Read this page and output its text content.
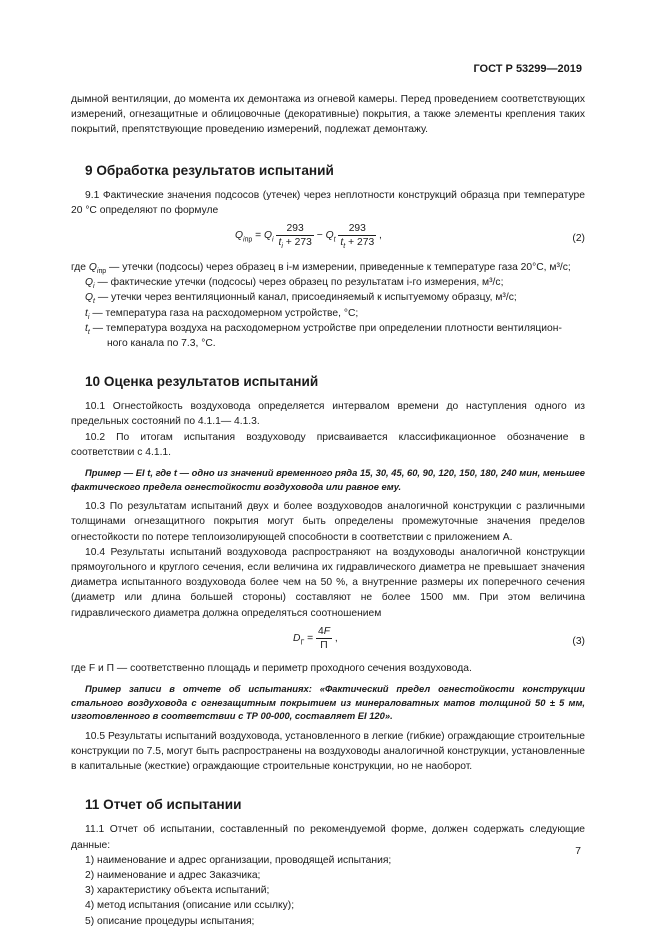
ГОСТ Р 53299—2019

дымной вентиляции, до момента их демонтажа из огневой камеры. Перед проведением соответствующих измерений, огнезащитные и облицовочные (декоративные) покрытия, а также элементы крепления таких покрытий, препятствующие проведению измерений, подлежат демонтажу.

9 Обработка результатов испытаний

9.1 Фактические значения подсосов (утечек) через неплотности конструкций образца при температуре 20 °С определяют по формуле

$Q_{iпр} = Q_i \frac{293}{t_i + 273} - Q_t \frac{293}{t_t + 273}$ ,	(2)
где $Q_{iпр}$ — утечки (подсосы) через образец в i-м измерении, приведенные к температуре газа 20°С, м³/с;
$Q_i$ — фактические утечки (подсосы) через образец по результатам i-го измерения, м³/с;
$Q_t$ — утечки через вентиляционный канал, присоединяемый к испытуемому образцу, м³/с;
$t_i$ — температура газа на расходомерном устройстве, °С;
$t_t$ — температура воздуха на расходомерном устройстве при определении плотности вентиляцион-
ного канала по 7.3, °С.
10 Оценка результатов испытаний

10.1 Огнестойкость воздуховода определяется интервалом времени до наступления одного из предельных состояний по 4.1.1— 4.1.3.

10.2 По итогам испытания воздуховоду присваивается классификационное обозначение в соответствии с 4.1.1.

Пример — EI t, где t — одно из значений временного ряда 15, 30, 45, 60, 90, 120, 150, 180, 240 мин, меньшее фактического предела огнестойкости воздуховода или равное ему.

10.3 По результатам испытаний двух и более воздуховодов аналогичной конструкции с различными толщинами огнезащитного покрытия могут быть определены промежуточные значения пределов огнестойкости по потере теплоизолирующей способности в соответствии с приложением А.

10.4 Результаты испытаний воздуховода распространяют на воздуховоды аналогичной конструкции прямоугольного и круглого сечения, если величина их гидравлического диаметра не превышает значения диаметра испытанного воздуховода более чем на 50 %, а внутренние размеры их поперечного сечения (диаметр или длина большей стороны) составляют не более 1500 мм. При этом величина гидравлического диаметра должна определяться соотношением

$D_Г$ =
4F
П
,	(3)

где F и П — соответственно площадь и периметр проходного сечения воздуховода.

Пример записи в отчете об испытаниях: «Фактический предел огнестойкости конструкции стального воздуховода с огнезащитным покрытием из минераловатных матов толщиной 50 ± 5 мм, изготовленного в соответствии с ТР 00-000, составляет EI 120».

10.5 Результаты испытаний воздуховода, установленного в легкие (гибкие) ограждающие строительные конструкции по 7.5, могут быть распространены на воздуховоды аналогичной конструкции, установленные в капитальные (жесткие) ограждающие строительные конструкции, но не наоборот.

11 Отчет об испытании

11.1 Отчет об испытании, составленный по рекомендуемой форме, должен содержать следующие данные:

1) наименование и адрес организации, проводящей испытания;

2) наименование и адрес Заказчика;

3) характеристику объекта испытаний;

4) метод испытания (описание или ссылку);

5) описание процедуры испытания;

7
